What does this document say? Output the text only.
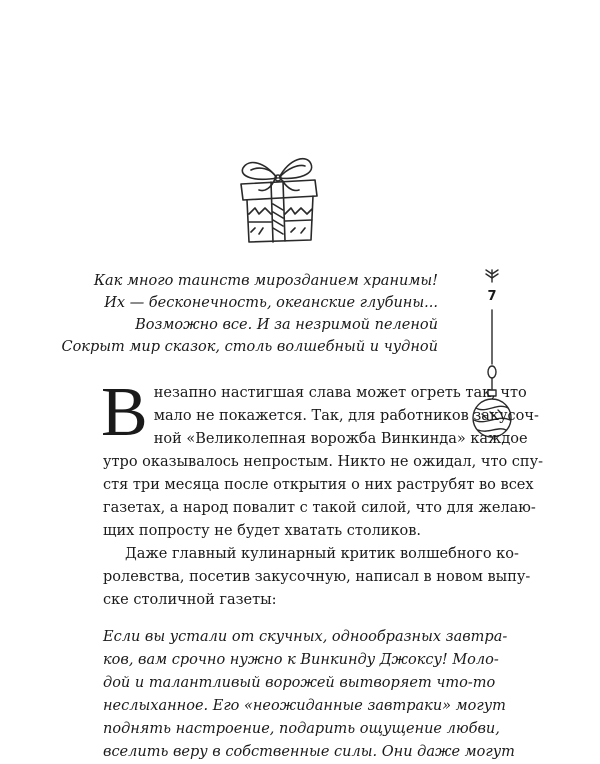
7
Как много таинств мирозданием хранимы!
Их — бесконечность, океанские глубины...
Возможно все. И за незримой пеленой
Сокрыт мир сказок, столь волшебный и чудной

В незапно настигшая слава может огреть так, что
мало не покажется. Так, для работников закусоч-
ной «Великолепная ворожба Винкинда» каждое
утро оказывалось непростым. Никто не ожидал, что спу-
стя три месяца после открытия о них раструбят во всех
газетах, а народ повалит с такой силой, что для желаю-
щих попросту не будет хватать столиков.

Даже главный кулинарный критик волшебного ко-
ролевства, посетив закусочную, написал в новом выпу-
ске столичной газеты:

Если вы устали от скучных, однообразных завтра-
ков, вам срочно нужно к Винкинду Джоксу! Моло-
дой и талантливый ворожей вытворяет что-то
неслыханное. Его «неожиданные завтраки» могут
поднять настроение, подарить ощущение любви,
вселить веру в собственные силы. Они даже могут
